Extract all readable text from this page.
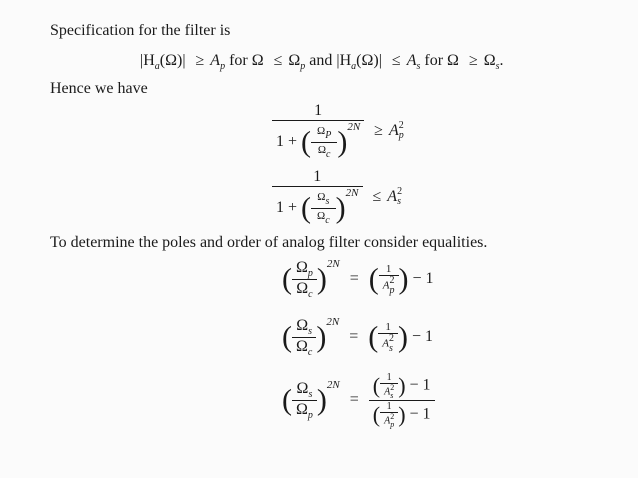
Specification for the filter is
$|H_a(\Omega)| \ge A_p$ for $\Omega \le \Omega_p$ and $|H_a(\Omega)| \le A_s$ for $\Omega \ge \Omega_s$.
Hence we have
$\frac{1}{1 + ( \frac{\Omega P}{\Omega c} )^{2N}} \ge A$ 2
p
$\frac{1}{1 + ( \frac{\Omega s}{\Omega c} )^{2N}} \le A$ 2
s
To determine the poles and order of analog filter consider equalities.
( $\frac{\Omega_p}{\Omega_c} )^{2N}$ = ( 1
A 2
p ) − 1
( $\frac{\Omega_s}{\Omega_c} )^{2N}$ = ( 1
A 2
s ) − 1
( $\frac{\Omega_s}{\Omega_p} )^{2N}$ = ( 1
A 2
s ) − 1
( 1
A 2
p ) − 1
